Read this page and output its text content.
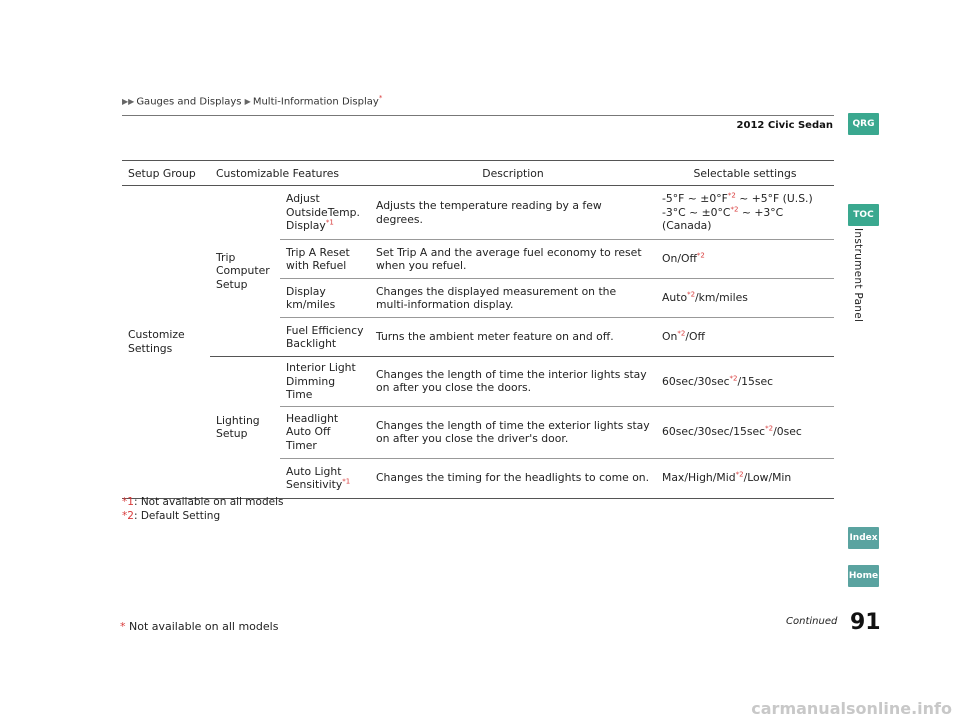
▶▶ Gauges and Displays ▶ Multi-Information Display*
2012 Civic Sedan	QRG
TOC
Instrument Panel
Index
Home
Setup Group	Customizable Features		Description	Selectable settings
Customize Settings	Trip Computer Setup	Adjust OutsideTemp. Display$^{*1}$	Adjusts the temperature reading by a few degrees.	-5°F ~ $\pm 0^\circ F^{*2}$ ~ +5°F (U.S.)
-3°C ~ $\pm 0^\circ C^{*2}$ ~ +3°C (Canada)

		Trip A Reset with Refuel	Set Trip A and the average fuel economy to reset when you refuel.	On/Off$^{*2}$
		Display km/miles	Changes the displayed measurement on the multi-information display.	Auto$^{*2}$/km/miles
		Fuel Efficiency Backlight	Turns the ambient meter feature on and off.	On$^{*2}$/Off
	Lighting Setup	Interior Light Dimming Time	Changes the length of time the interior lights stay on after you close the doors.	$60\sec/30\sec^{*2}/15\sec$
		Headlight Auto Off Timer	Changes the length of time the exterior lights stay on after you close the driver's door.	$60\sec/30\sec/15\sec^{*2}/0\sec$
		Auto Light Sensitivity$^{*1}$	Changes the timing for the headlights to come on.	Max/High/Mid$^{*2}$/Low/Min
*1: Not available on all models
*2: Default Setting
Continued 91
* Not available on all models
carmanualsonline.info
